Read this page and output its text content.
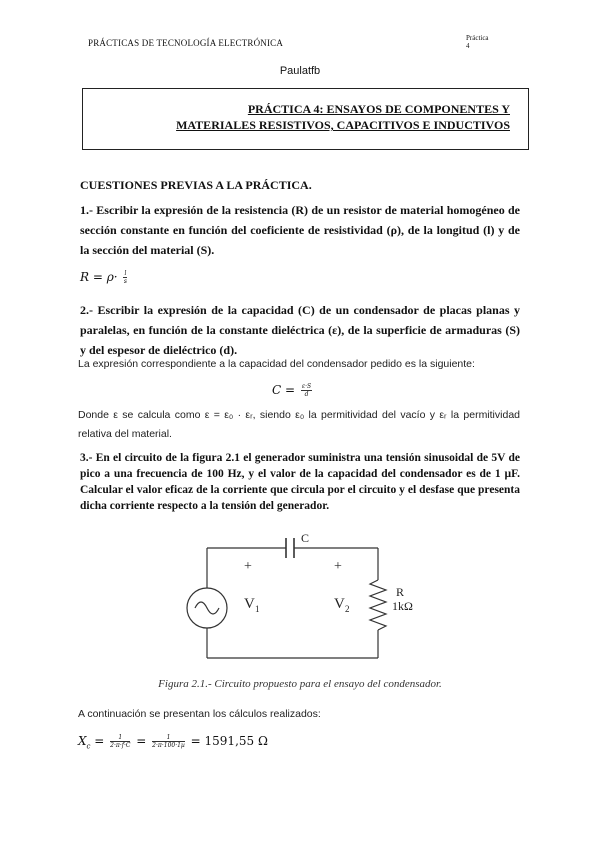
PRÁCTICAS DE TECNOLOGÍA ELECTRÓNICA	Práctica
4
Paulatfb
PRÁCTICA 4: ENSAYOS DE COMPONENTES Y
MATERIALES RESISTIVOS, CAPACITIVOS E INDUCTIVOS
CUESTIONES PREVIAS A LA PRÁCTICA.
1.- Escribir la expresión de la resistencia (R) de un resistor de material homogéneo de sección constante en función del coeficiente de resistividad (ρ), de la longitud (l) y de la sección del material (S).
$R = \rho\cdot \frac{l}{s}$
2.- Escribir la expresión de la capacidad (C) de un condensador de placas planas y paralelas, en función de la constante dieléctrica (ε), de la superficie de armaduras (S) y del espesor de dieléctrico (d).
La expresión correspondiente a la capacidad del condensador pedido es la siguiente:
$C = \frac{\varepsilon\cdot S}{d}$
Donde ε se calcula como ε = ε₀ · εᵣ, siendo ε₀ la permitividad del vacío y εᵣ la permitividad relativa del material.
3.- En el circuito de la figura 2.1 el generador suministra una tensión sinusoidal de 5V de pico a una frecuencia de 100 Hz, y el valor de la capacidad del condensador es de 1 µF. Calcular el valor eficaz de la corriente que circula por el circuito y el desfase que presenta dicha corriente respecto a la tensión del generador.
C
+	+
V 1	V 2
R
1kΩ
Figura 2.1.- Circuito propuesto para el ensayo del condensador.
A continuación se presentan los cálculos realizados:
$X_c = \frac{1}{2\cdot\pi\cdot f\cdot C} = \frac{1}{\text{2·π·100·1µ}} = 1591,55$ Ω
